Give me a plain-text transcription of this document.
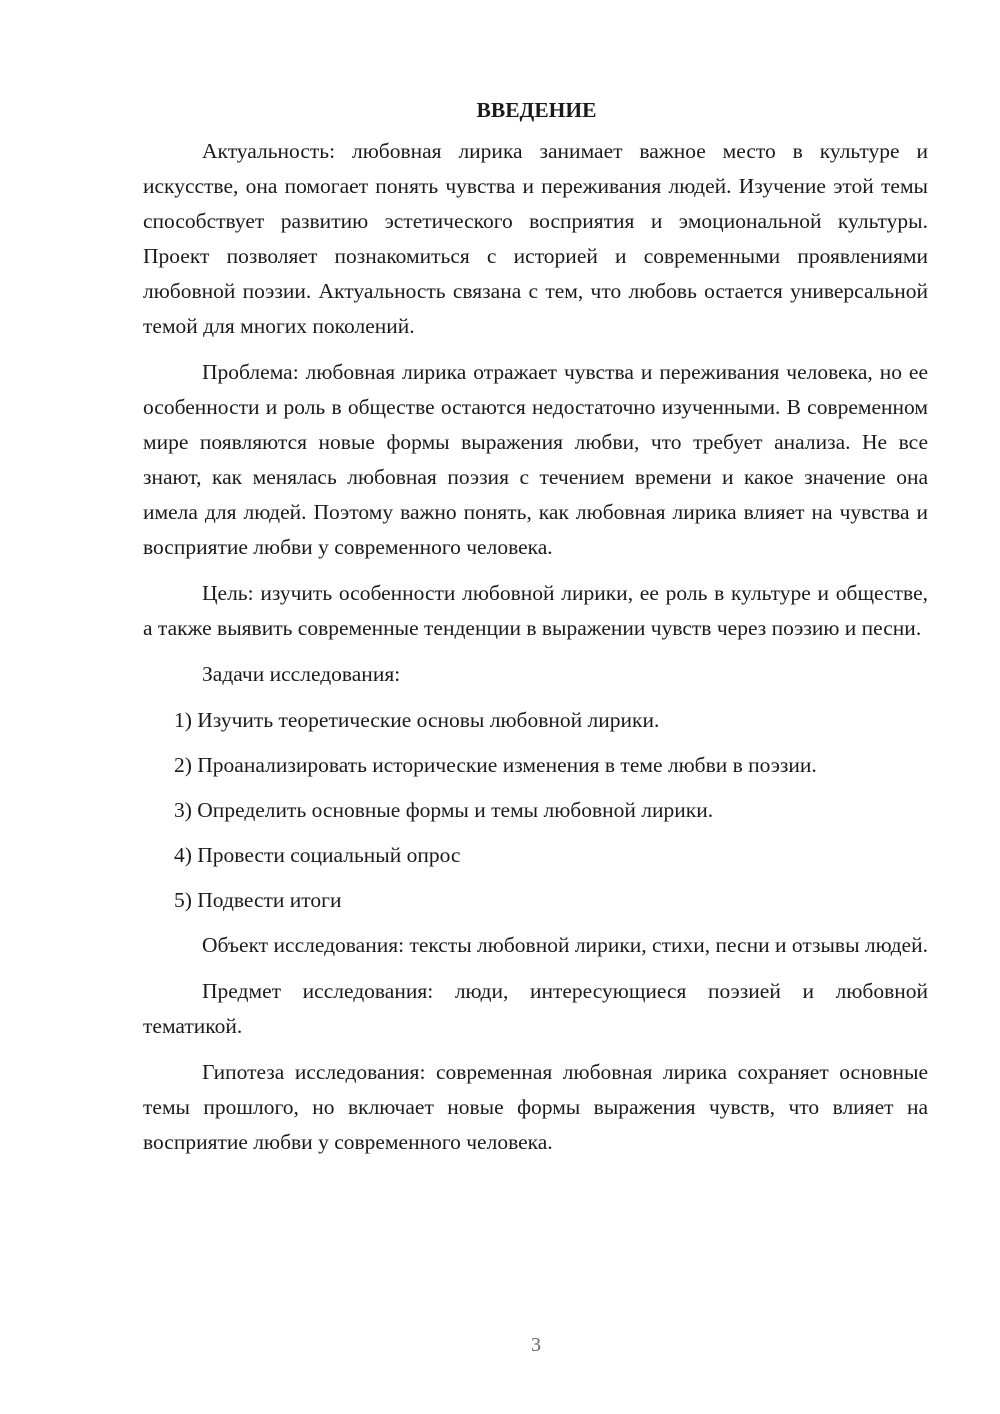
ВВЕДЕНИЕ

Актуальность: любовная лирика занимает важное место в культуре и искусстве, она помогает понять чувства и переживания людей. Изучение этой темы способствует развитию эстетического восприятия и эмоциональной культуры. Проект позволяет познакомиться с историей и современными проявлениями любовной поэзии. Актуальность связана с тем, что любовь остается универсальной темой для многих поколений.

Проблема: любовная лирика отражает чувства и переживания человека, но ее особенности и роль в обществе остаются недостаточно изученными. В современном мире появляются новые формы выражения любви, что требует анализа. Не все знают, как менялась любовная поэзия с течением времени и какое значение она имела для людей. Поэтому важно понять, как любовная лирика влияет на чувства и восприятие любви у современного человека.

Цель: изучить особенности любовной лирики, ее роль в культуре и обществе, а также выявить современные тенденции в выражении чувств через поэзию и песни.

Задачи исследования:

1) Изучить теоретические основы любовной лирики.
2) Проанализировать исторические изменения в теме любви в поэзии.
3) Определить основные формы и темы любовной лирики.
4) Провести социальный опрос
5) Подвести итоги

Объект исследования: тексты любовной лирики, стихи, песни и отзывы людей.

Предмет исследования: люди, интересующиеся поэзией и любовной тематикой.

Гипотеза исследования: современная любовная лирика сохраняет основные темы прошлого, но включает новые формы выражения чувств, что влияет на восприятие любви у современного человека.

3
